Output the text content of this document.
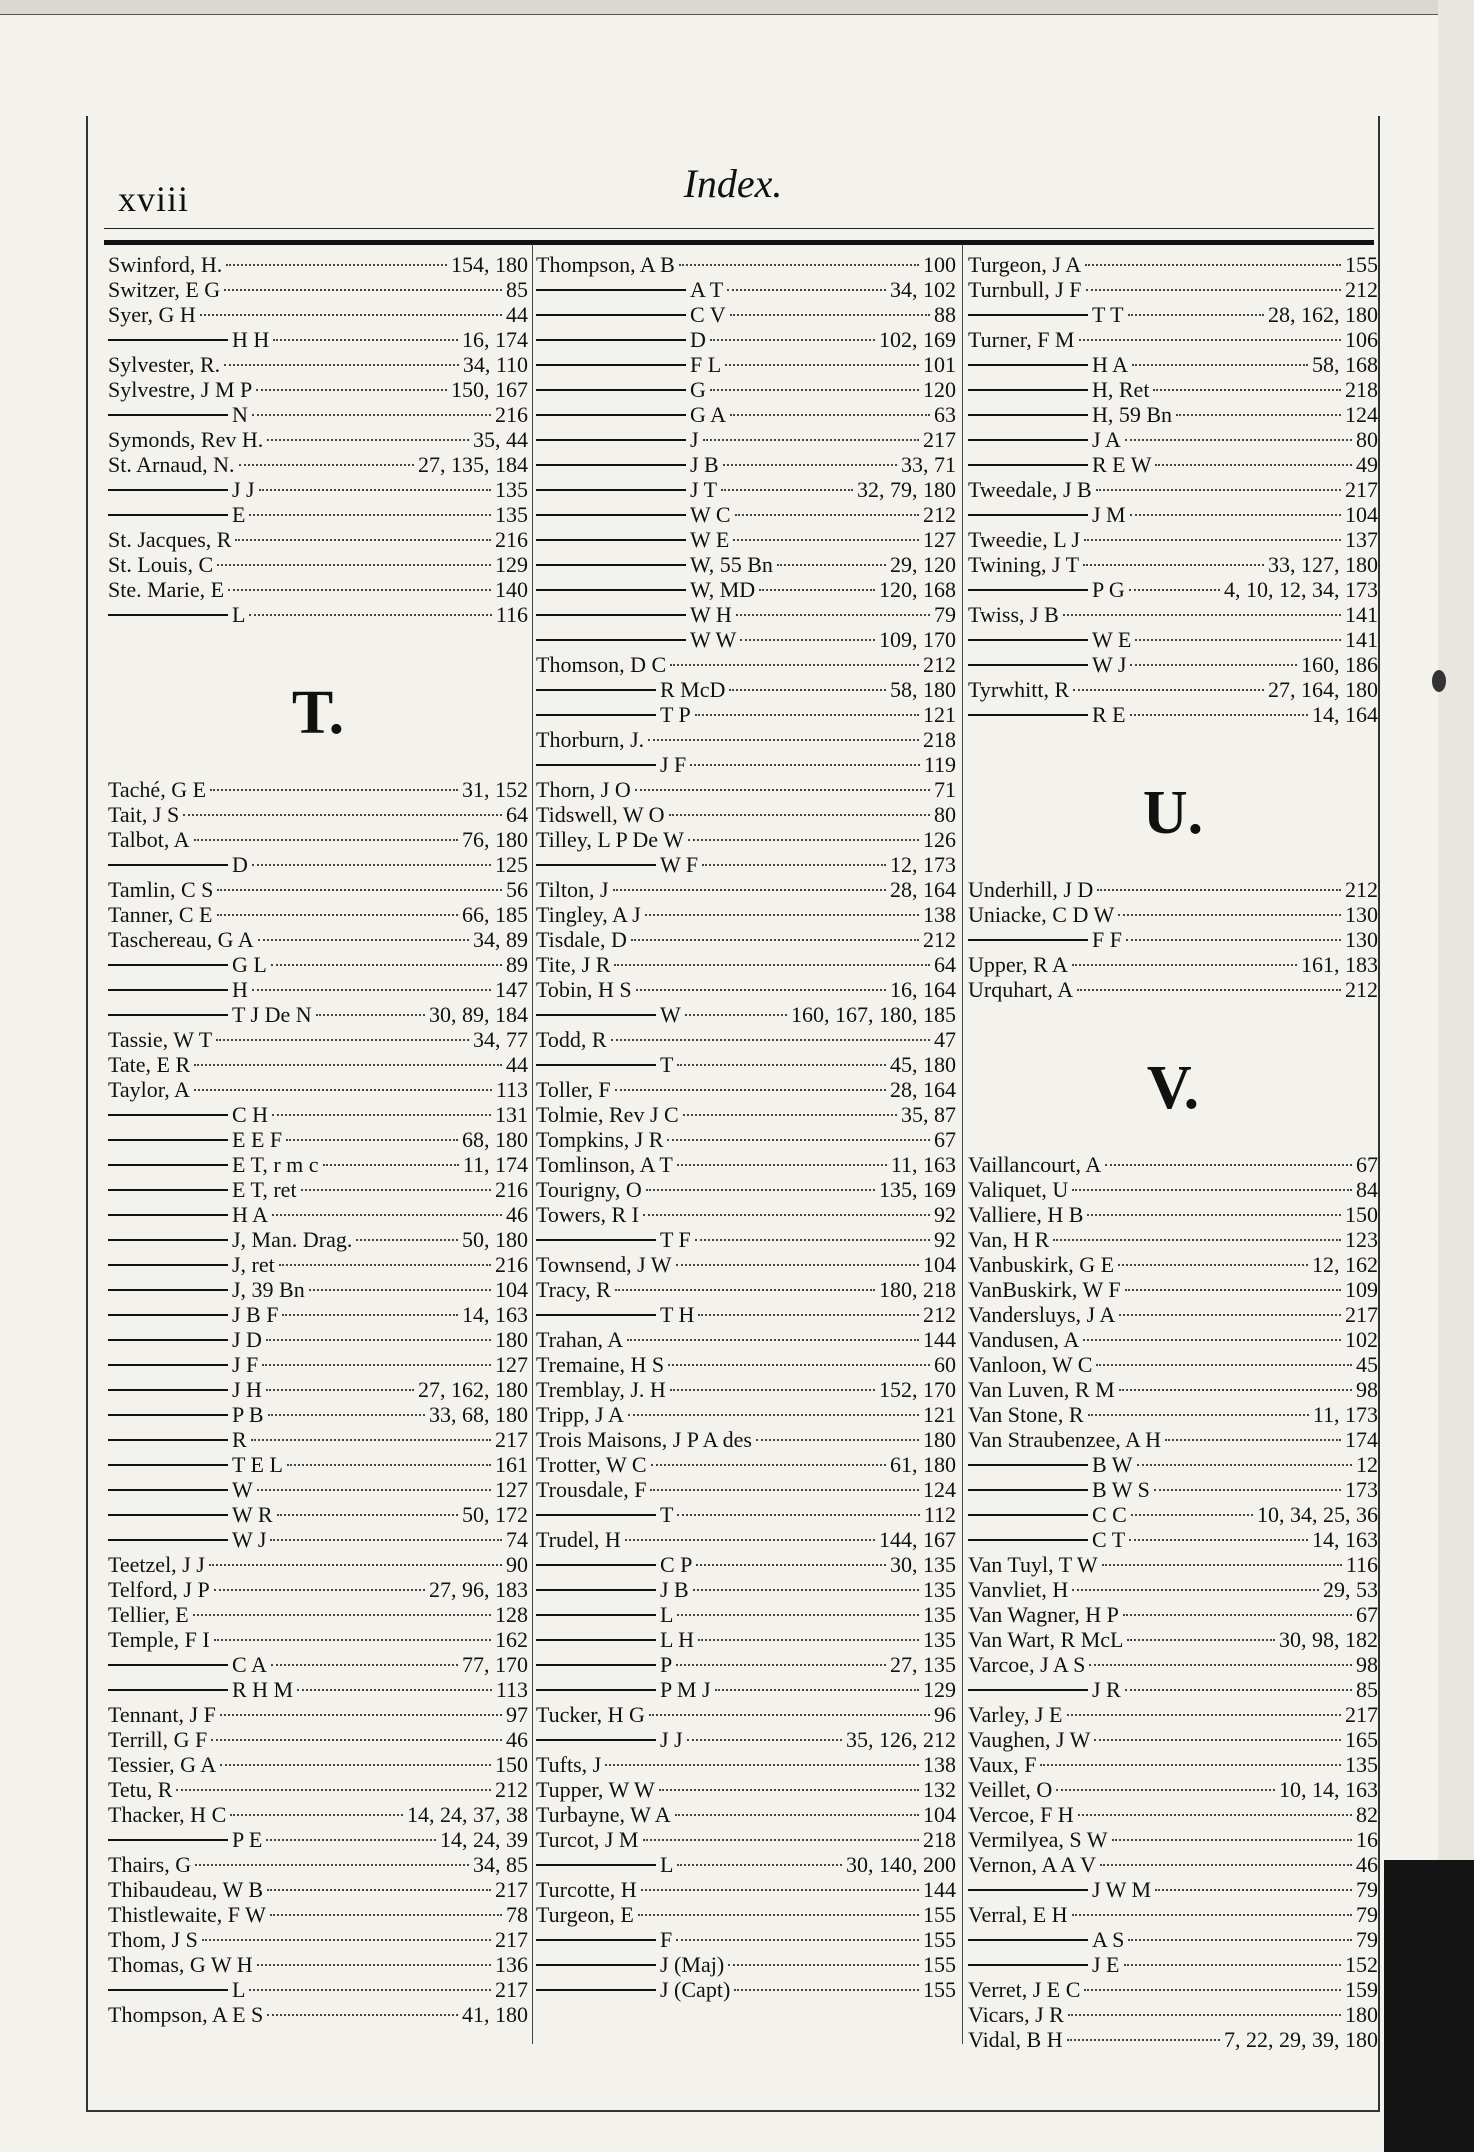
xviii	Index.
Swinford, H.	154, 180
Switzer, E G	85
Syer, G H	44
H H	16, 174
Sylvester, R.	34, 110
Sylvestre, J M P	150, 167
N	216
Symonds, Rev H.	35, 44
St. Arnaud, N.	27, 135, 184
J J	135
E	135
St. Jacques, R	216
St. Louis, C	129
Ste. Marie, E	140
L	116
T.
Taché, G E	31, 152
Tait, J S	64
Talbot, A	76, 180
D	125
Tamlin, C S	56
Tanner, C E	66, 185
Taschereau, G A	34, 89
G L	89
H	147
T J De N	30, 89, 184
Tassie, W T	34, 77
Tate, E R	44
Taylor, A	113
C H	131
E E F	68, 180
E T, r m c	11, 174
E T, ret	216
H A	46
J, Man. Drag.	50, 180
J, ret	216
J, 39 Bn	104
J B F	14, 163
J D	180
J F	127
J H	27, 162, 180
P B	33, 68, 180
R	217
T E L	161
W	127
W R	50, 172
W J	74
Teetzel, J J	90
Telford, J P	27, 96, 183
Tellier, E	128
Temple, F I	162
C A	77, 170
R H M	113
Tennant, J F	97
Terrill, G F	46
Tessier, G A	150
Tetu, R	212
Thacker, H C	14, 24, 37, 38
P E	14, 24, 39
Thairs, G	34, 85
Thibaudeau, W B	217
Thistlewaite, F W	78
Thom, J S	217
Thomas, G W H	136
L	217
Thompson, A E S	41, 180
Thompson, A B	100
A T	34, 102
C V	88
D	102, 169
F L	101
G	120
G A	63
J	217
J B	33, 71
J T	32, 79, 180
W C	212
W E	127
W, 55 Bn	29, 120
W, MD	120, 168
W H	79
W W	109, 170
Thomson, D C	212
R McD	58, 180
T P	121
Thorburn, J.	218
J F	119
Thorn, J O	71
Tidswell, W O	80
Tilley, L P De W	126
W F	12, 173
Tilton, J	28, 164
Tingley, A J	138
Tisdale, D	212
Tite, J R	64
Tobin, H S	16, 164
W	160, 167, 180, 185
Todd, R	47
T	45, 180
Toller, F	28, 164
Tolmie, Rev J C	35, 87
Tompkins, J R	67
Tomlinson, A T	11, 163
Tourigny, O	135, 169
Towers, R I	92
T F	92
Townsend, J W	104
Tracy, R	180, 218
T H	212
Trahan, A	144
Tremaine, H S	60
Tremblay, J. H	152, 170
Tripp, J A	121
Trois Maisons, J P A des	180
Trotter, W C	61, 180
Trousdale, F	124
T	112
Trudel, H	144, 167
C P	30, 135
J B	135
L	135
L H	135
P	27, 135
P M J	129
Tucker, H G	96
J J	35, 126, 212
Tufts, J	138
Tupper, W W	132
Turbayne, W A	104
Turcot, J M	218
L	30, 140, 200
Turcotte, H	144
Turgeon, E	155
F	155
J (Maj)	155
J (Capt)	155
Turgeon, J A	155
Turnbull, J F	212
T T	28, 162, 180
Turner, F M	106
H A	58, 168
H, Ret	218
H, 59 Bn	124
J A	80
R E W	49
Tweedale, J B	217
J M	104
Tweedie, L J	137
Twining, J T	33, 127, 180
P G	4, 10, 12, 34, 173
Twiss, J B	141
W E	141
W J	160, 186
Tyrwhitt, R	27, 164, 180
R E	14, 164
U.
Underhill, J D	212
Uniacke, C D W	130
F F	130
Upper, R A	161, 183
Urquhart, A	212
V.
Vaillancourt, A	67
Valiquet, U	84
Valliere, H B	150
Van, H R	123
Vanbuskirk, G E	12, 162
VanBuskirk, W F	109
Vandersluys, J A	217
Vandusen, A	102
Vanloon, W C	45
Van Luven, R M	98
Van Stone, R	11, 173
Van Straubenzee, A H	174
B W	12
B W S	173
C C	10, 34, 25, 36
C T	14, 163
Van Tuyl, T W	116
Vanvliet, H	29, 53
Van Wagner, H P	67
Van Wart, R McL	30, 98, 182
Varcoe, J A S	98
J R	85
Varley, J E	217
Vaughen, J W	165
Vaux, F	135
Veillet, O	10, 14, 163
Vercoe, F H	82
Vermilyea, S W	16
Vernon, A A V	46
J W M	79
Verral, E H	79
A S	79
J E	152
Verret, J E C	159
Vicars, J R	180
Vidal, B H	7, 22, 29, 39, 180
